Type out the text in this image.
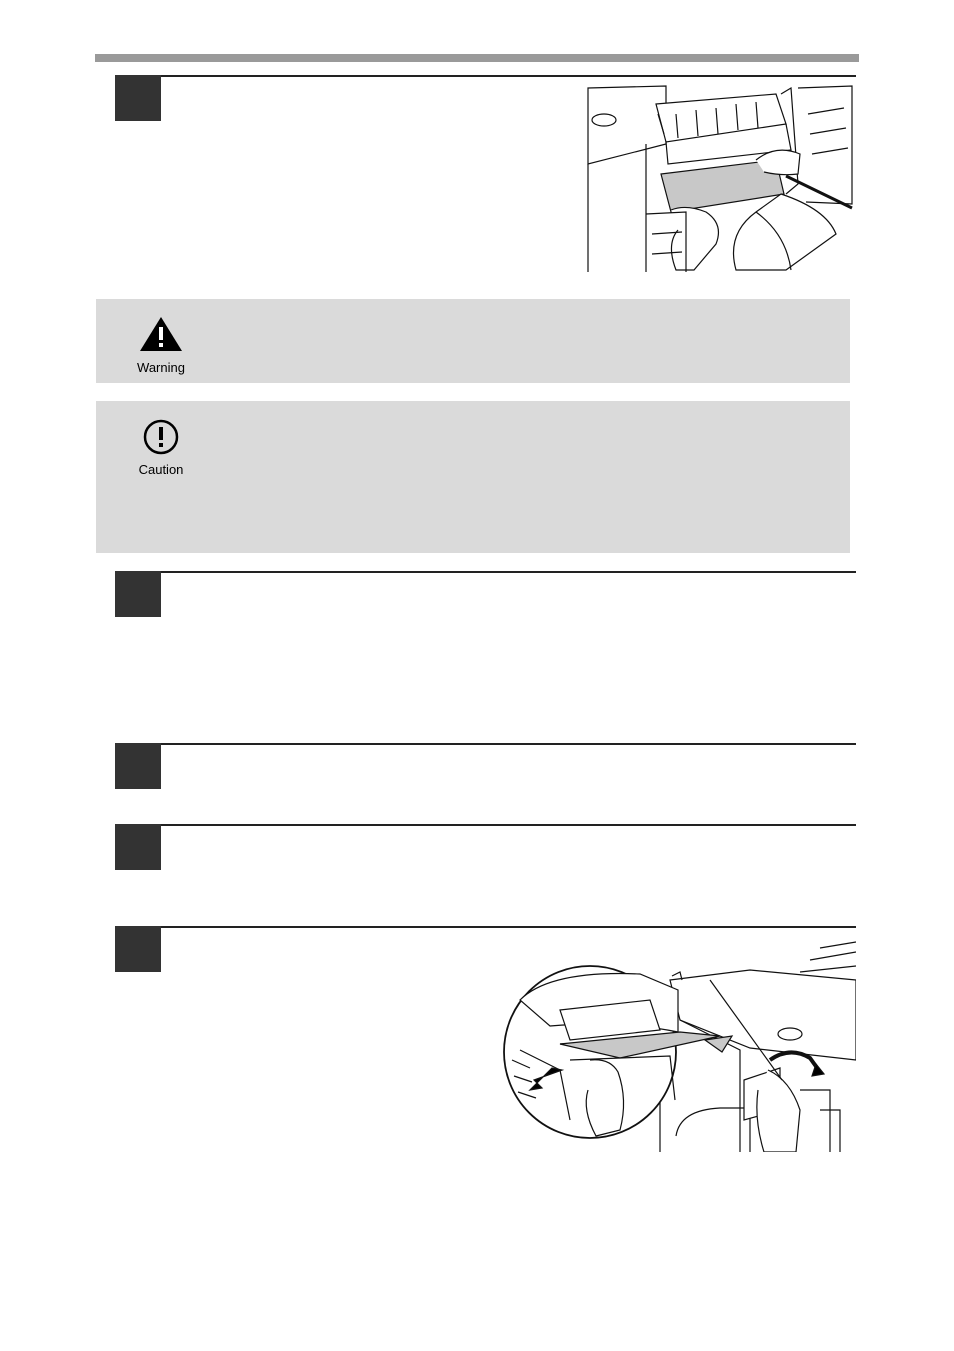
Warning
Caution
